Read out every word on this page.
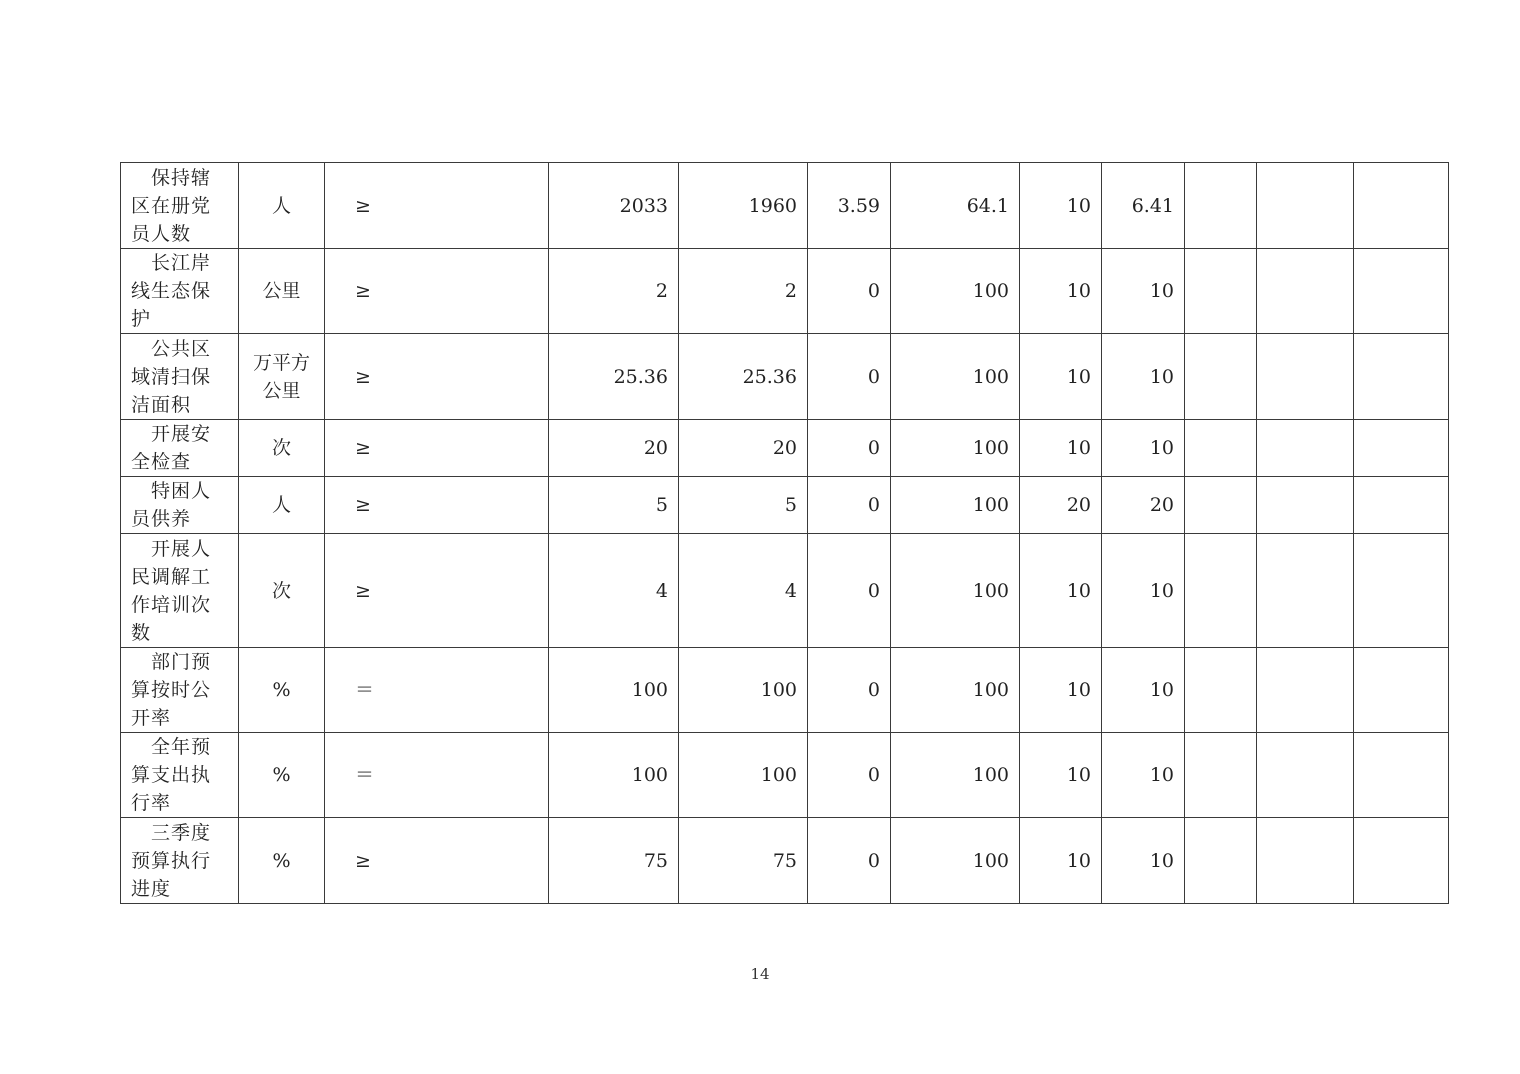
保持辖区在册党员人数	人	≥	2033	1960	3.59	64.1	10	6.41			
长江岸线生态保护	公里	≥	2	2	0	100	10	10			
公共区域清扫保洁面积	万平方公里	≥	25.36	25.36	0	100	10	10			
开展安全检查	次	≥	20	20	0	100	10	10			
特困人员供养	人	≥	5	5	0	100	20	20			
开展人民调解工作培训次数	次	≥	4	4	0	100	10	10			
部门预算按时公开率	%	＝	100	100	0	100	10	10			
全年预算支出执行率	%	＝	100	100	0	100	10	10			
三季度预算执行进度	%	≥	75	75	0	100	10	10			
14
